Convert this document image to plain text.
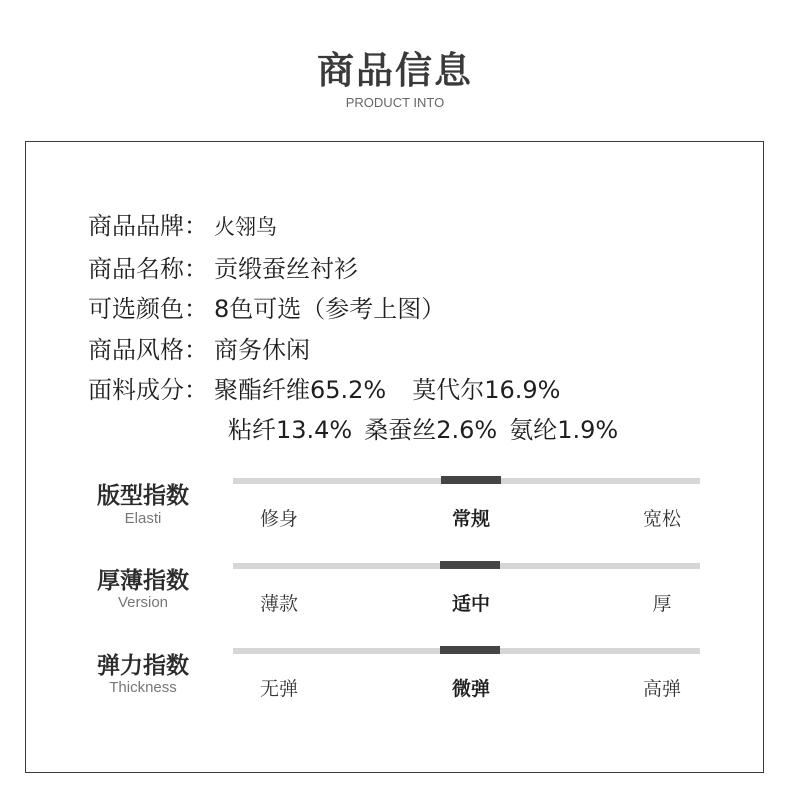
商品信息
PRODUCT INTO
商品品牌： 火翎鸟
商品名称： 贡缎蚕丝衬衫
可选颜色： 8色可选（参考上图）
商品风格： 商务休闲
面料成分： 聚酯纤维65.2% 莫代尔16.9%
粘纤13.4% 桑蚕丝2.6% 氨纶1.9%
版型指数
Elasti	修身	常规	宽松
厚薄指数
Version	薄款	适中	厚
弹力指数
Thickness	无弹	微弹	高弹
